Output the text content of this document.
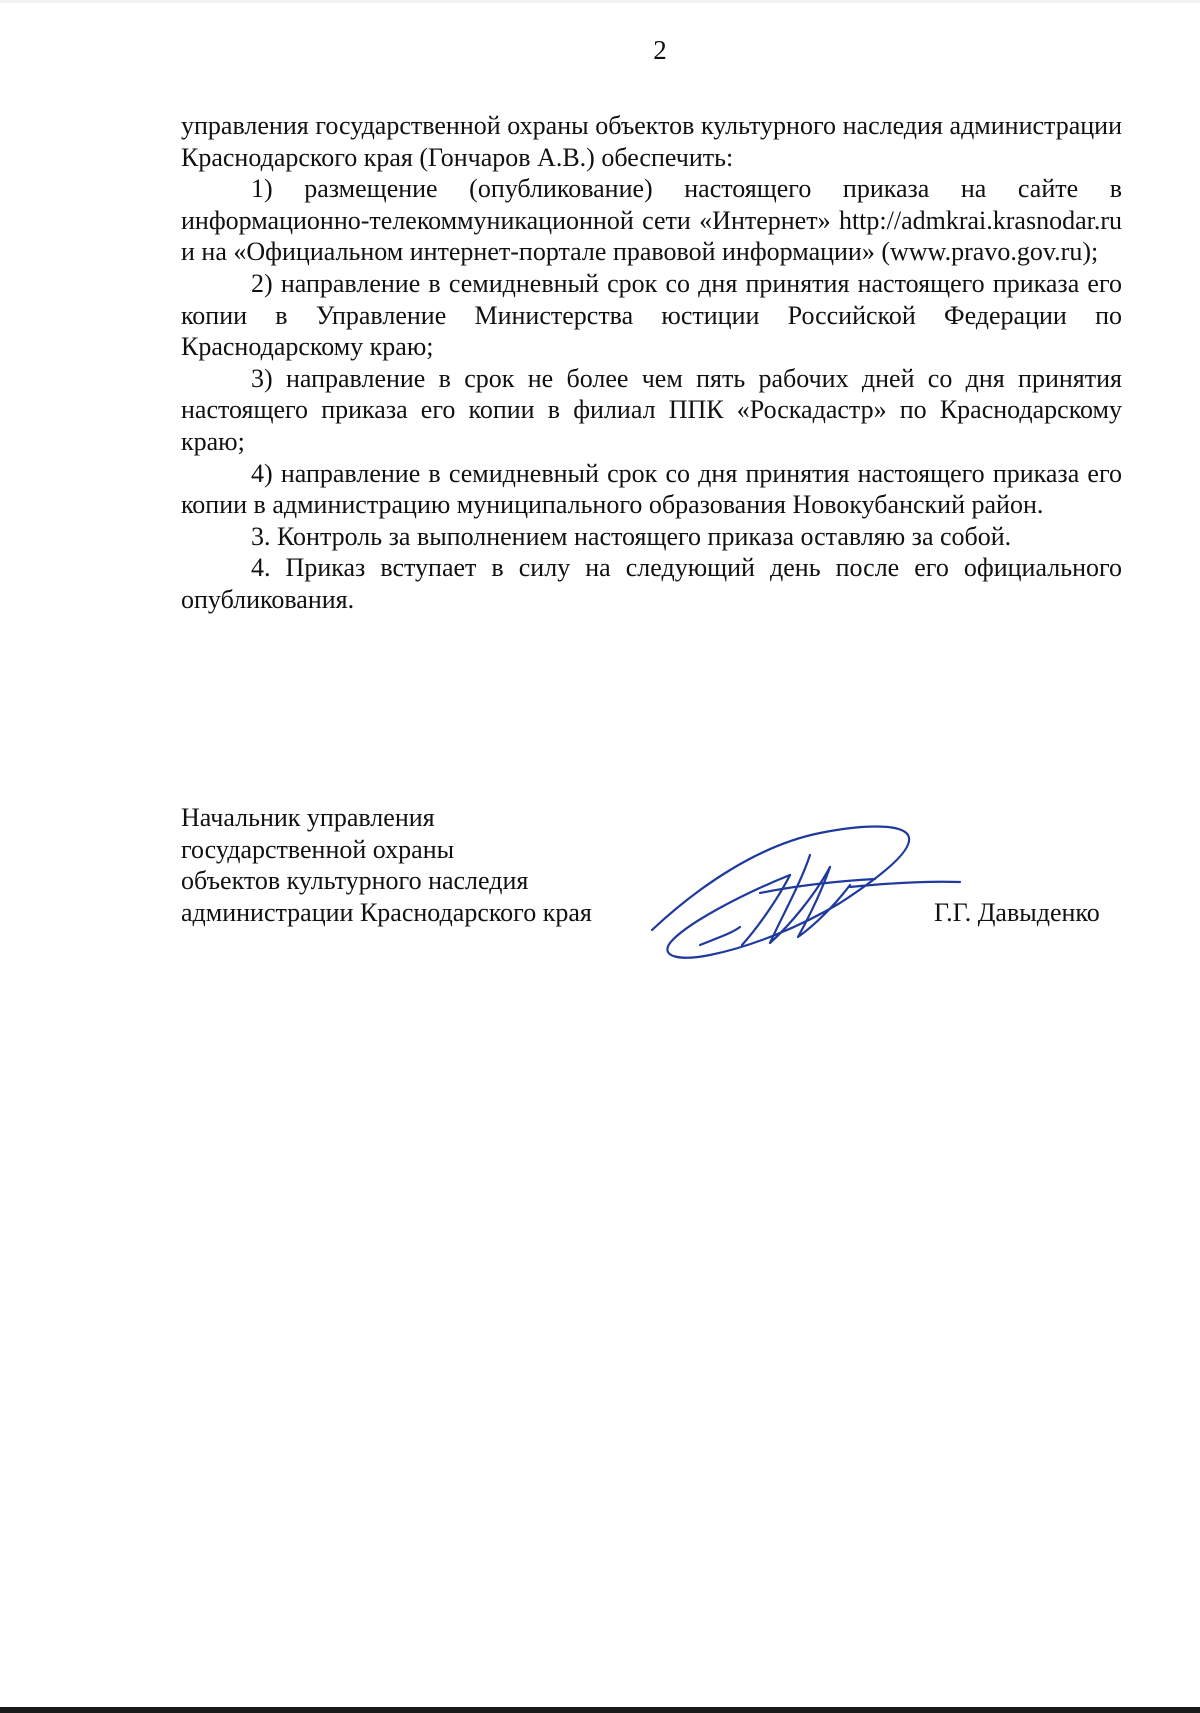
2

управления государственной охраны объектов культурного наследия администрации Краснодарского края (Гончаров А.В.) обеспечить:

1) размещение (опубликование) настоящего приказа на сайте в информационно-телекоммуникационной сети «Интернет» http://admkrai.krasnodar.ru и на «Официальном интернет-портале правовой информации» (www.pravo.gov.ru);

2) направление в семидневный срок со дня принятия настоящего приказа его копии в Управление Министерства юстиции Российской Федерации по Краснодарскому краю;

3) направление в срок не более чем пять рабочих дней со дня принятия настоящего приказа его копии в филиал ППК «Роскадастр» по Краснодарскому краю;

4) направление в семидневный срок со дня принятия настоящего приказа его копии в администрацию муниципального образования Новокубанский район.

3. Контроль за выполнением настоящего приказа оставляю за собой.

4. Приказ вступает в силу на следующий день после его официального опубликования.

Начальник управления
государственной охраны
объектов культурного наследия
администрации Краснодарского края	Г.Г. Давыденко
